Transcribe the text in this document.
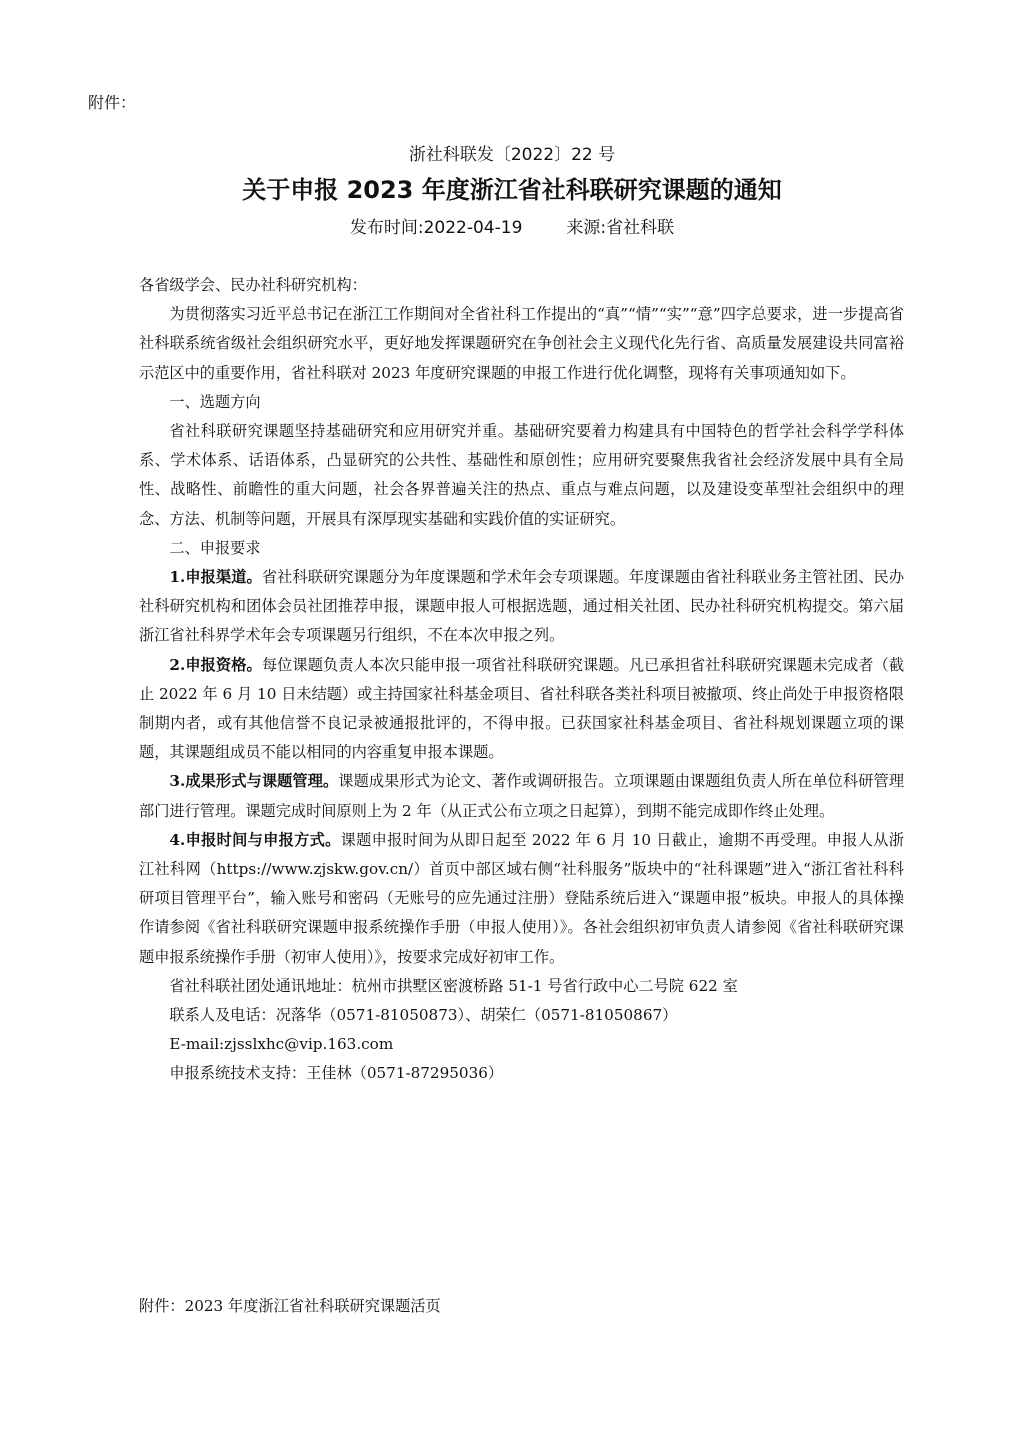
附件：
浙社科联发〔2022〕22 号
关于申报 2023 年度浙江省社科联研究课题的通知
发布时间:2022-04-19	来源:省社科联

各省级学会、民办社科研究机构：

为贯彻落实习近平总书记在浙江工作期间对全省社科工作提出的“真”“情”“实”“意”四字总要求，进一步提高省社科联系统省级社会组织研究水平，更好地发挥课题研究在争创社会主义现代化先行省、高质量发展建设共同富裕示范区中的重要作用，省社科联对 2023 年度研究课题的申报工作进行优化调整，现将有关事项通知如下。

一、选题方向

省社科联研究课题坚持基础研究和应用研究并重。基础研究要着力构建具有中国特色的哲学社会科学学科体系、学术体系、话语体系，凸显研究的公共性、基础性和原创性；应用研究要聚焦我省社会经济发展中具有全局性、战略性、前瞻性的重大问题，社会各界普遍关注的热点、重点与难点问题，以及建设变革型社会组织中的理念、方法、机制等问题，开展具有深厚现实基础和实践价值的实证研究。

二、申报要求

1.申报渠道。省社科联研究课题分为年度课题和学术年会专项课题。年度课题由省社科联业务主管社团、民办社科研究机构和团体会员社团推荐申报，课题申报人可根据选题，通过相关社团、民办社科研究机构提交。第六届浙江省社科界学术年会专项课题另行组织，不在本次申报之列。

2.申报资格。每位课题负责人本次只能申报一项省社科联研究课题。凡已承担省社科联研究课题未完成者（截止 2022 年 6 月 10 日未结题）或主持国家社科基金项目、省社科联各类社科项目被撤项、终止尚处于申报资格限制期内者，或有其他信誉不良记录被通报批评的，不得申报。已获国家社科基金项目、省社科规划课题立项的课题，其课题组成员不能以相同的内容重复申报本课题。

3.成果形式与课题管理。课题成果形式为论文、著作或调研报告。立项课题由课题组负责人所在单位科研管理部门进行管理。课题完成时间原则上为 2 年（从正式公布立项之日起算），到期不能完成即作终止处理。

4.申报时间与申报方式。课题申报时间为从即日起至 2022 年 6 月 10 日截止，逾期不再受理。申报人从浙江社科网（https://www.zjskw.gov.cn/）首页中部区域右侧“社科服务”版块中的“社科课题”进入“浙江省社科科研项目管理平台”，输入账号和密码（无账号的应先通过注册）登陆系统后进入“课题申报”板块。申报人的具体操作请参阅《省社科联研究课题申报系统操作手册（申报人使用）》。各社会组织初审负责人请参阅《省社科联研究课题申报系统操作手册（初审人使用）》，按要求完成好初审工作。

省社科联社团处通讯地址：杭州市拱墅区密渡桥路 51-1 号省行政中心二号院 622 室

联系人及电话：况落华（0571-81050873）、胡荣仁（0571-81050867）

E-mail:zjsslxhc@vip.163.com

申报系统技术支持：王佳林（0571-87295036）

附件：2023 年度浙江省社科联研究课题活页
